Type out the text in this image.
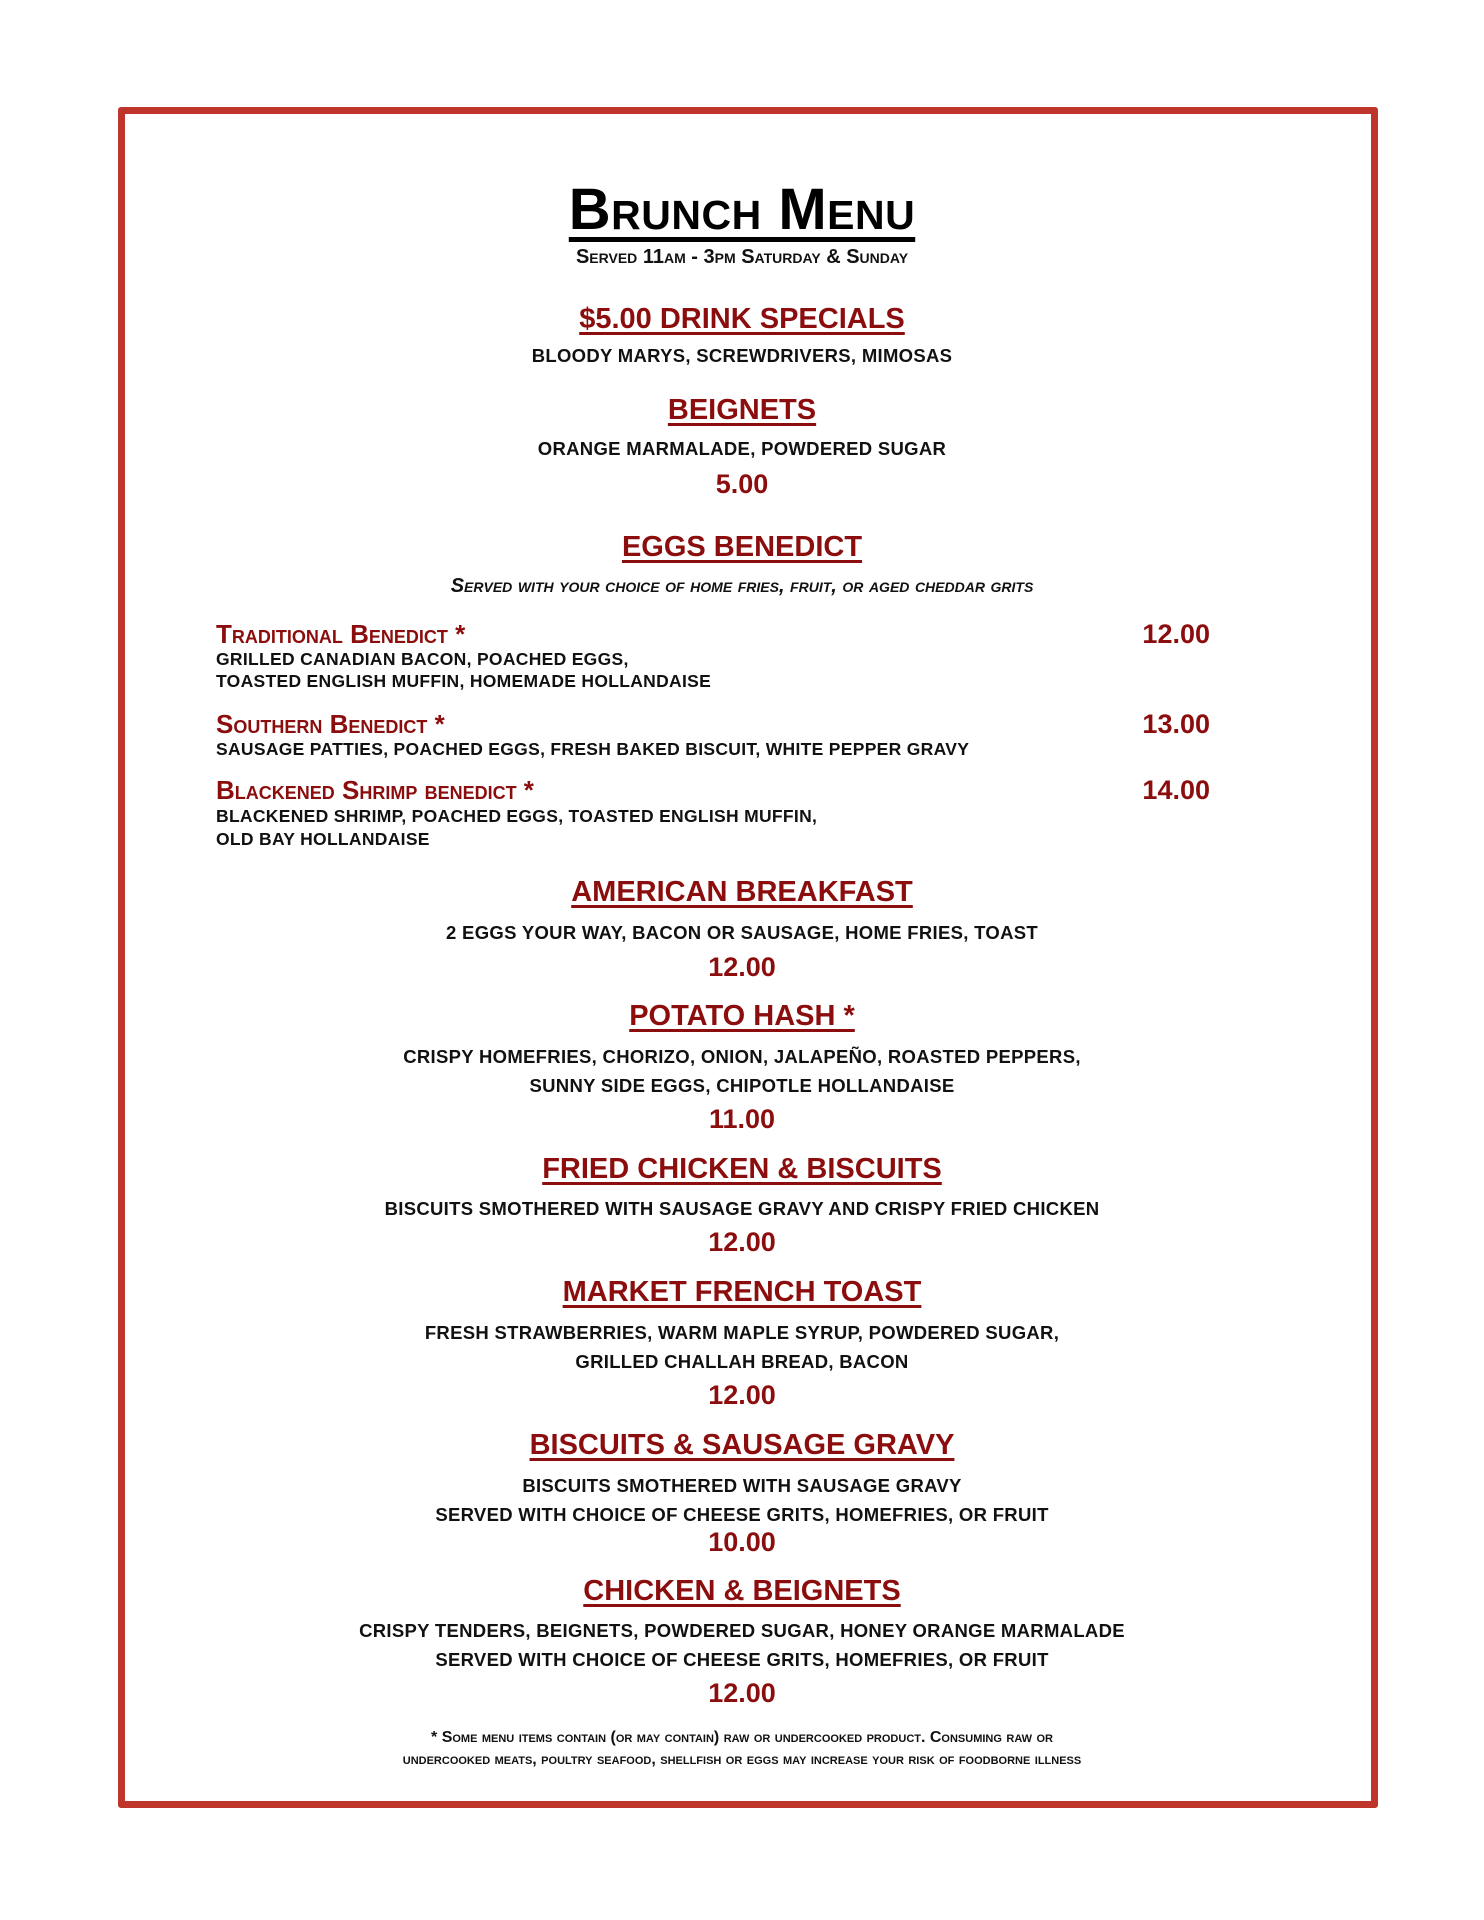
Brunch Menu
Served 11am - 3pm Saturday & Sunday
$5.00 DRINK SPECIALS
BLOODY MARYS, SCREWDRIVERS, MIMOSAS
BEIGNETS
ORANGE MARMALADE, POWDERED SUGAR
5.00
EGGS BENEDICT
Served with your choice of home fries, fruit, or aged cheddar grits
Traditional Benedict *	12.00
GRILLED CANADIAN BACON, POACHED EGGS,
TOASTED ENGLISH MUFFIN, HOMEMADE HOLLANDAISE
Southern Benedict *	13.00
SAUSAGE PATTIES, POACHED EGGS, FRESH BAKED BISCUIT, WHITE PEPPER GRAVY
Blackened Shrimp benedict *	14.00
BLACKENED SHRIMP, POACHED EGGS, TOASTED ENGLISH MUFFIN,
OLD BAY HOLLANDAISE
AMERICAN BREAKFAST
2 EGGS YOUR WAY, BACON OR SAUSAGE, HOME FRIES, TOAST
12.00
POTATO HASH *
CRISPY HOMEFRIES, CHORIZO, ONION, JALAPEÑO, ROASTED PEPPERS,
SUNNY SIDE EGGS, CHIPOTLE HOLLANDAISE
11.00
FRIED CHICKEN & BISCUITS
BISCUITS SMOTHERED WITH SAUSAGE GRAVY AND CRISPY FRIED CHICKEN
12.00
MARKET FRENCH TOAST
FRESH STRAWBERRIES, WARM MAPLE SYRUP, POWDERED SUGAR,
GRILLED CHALLAH BREAD, BACON
12.00
BISCUITS & SAUSAGE GRAVY
BISCUITS SMOTHERED WITH SAUSAGE GRAVY
SERVED WITH CHOICE OF CHEESE GRITS, HOMEFRIES, OR FRUIT
10.00
CHICKEN & BEIGNETS
CRISPY TENDERS, BEIGNETS, POWDERED SUGAR, HONEY ORANGE MARMALADE
SERVED WITH CHOICE OF CHEESE GRITS, HOMEFRIES, OR FRUIT
12.00
* Some menu items contain (or may contain) raw or undercooked product. Consuming raw or
undercooked meats, poultry seafood, shellfish or eggs may increase your risk of foodborne illness
